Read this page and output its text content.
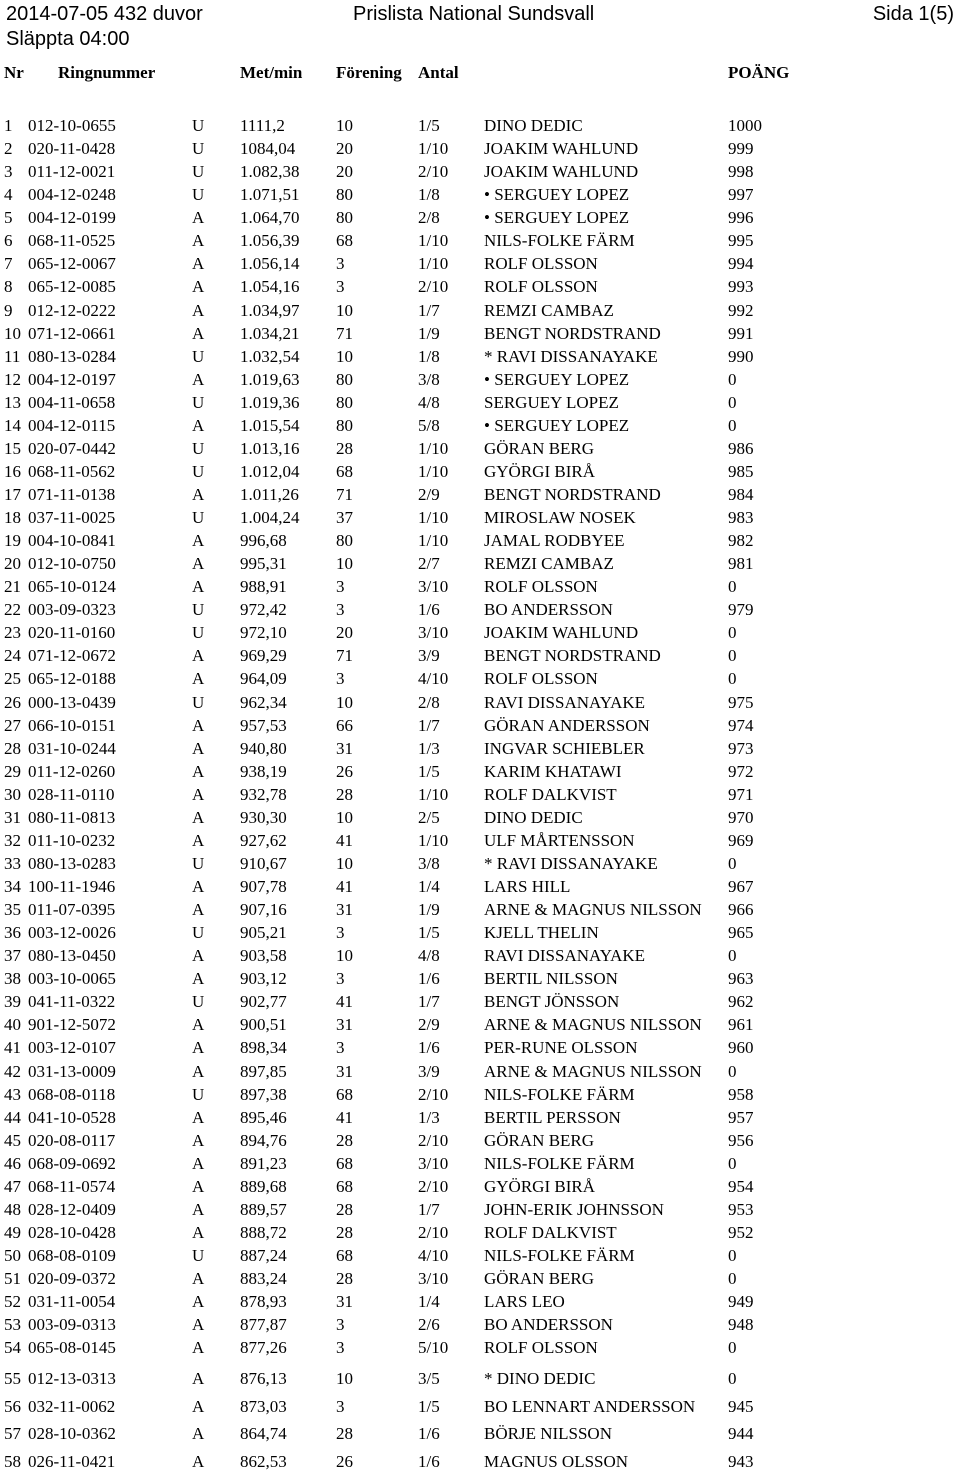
2014-07-05 432 duvor
Släppta 04:00
Prislista National Sundsvall	Sida 1(5)
Nr Ringnummer	Met/min Förening Antal	POÄNG
1 012-10-0655	U 1111,2	10	1/5	DINO DEDIC	1000
2 020-11-0428	U 1084,04 20	1/10 JOAKIM WAHLUND	999
3 011-12-0021	U 1.082,38 20	2/10 JOAKIM WAHLUND	998
4 004-12-0248	U 1.071,51 80	1/8	• SERGUEY LOPEZ	997
5 004-12-0199	A 1.064,70 80	2/8	• SERGUEY LOPEZ	996
6 068-11-0525	A 1.056,39 68	1/10 NILS-FOLKE FÄRM	995
7 065-12-0067	A 1.056,14 3	1/10 ROLF OLSSON	994
8 065-12-0085	A 1.054,16 3	2/10 ROLF OLSSON	993
9 012-12-0222	A 1.034,97 10	1/7	REMZI CAMBAZ	992
10 071-12-0661	A 1.034,21 71	1/9	BENGT NORDSTRAND	991
11 080-13-0284	U 1.032,54 10	1/8	* RAVI DISSANAYAKE	990
12 004-12-0197	A 1.019,63 80	3/8	• SERGUEY LOPEZ	0
13 004-11-0658	U 1.019,36 80	4/8	SERGUEY LOPEZ	0
14 004-12-0115	A 1.015,54 80	5/8	• SERGUEY LOPEZ	0
15 020-07-0442	U 1.013,16 28	1/10 GÖRAN BERG	986
16 068-11-0562	U 1.012,04 68	1/10 GYÖRGI BIRÅ	985
17 071-11-0138	A 1.011,26 71	2/9	BENGT NORDSTRAND	984
18 037-11-0025	U 1.004,24 37	1/10 MIROSLAW NOSEK	983
19 004-10-0841	A 996,68	80	1/10 JAMAL RODBYEE	982
20 012-10-0750	A 995,31	10	2/7	REMZI CAMBAZ	981
21 065-10-0124	A 988,91	3	3/10 ROLF OLSSON	0
22 003-09-0323	U 972,42	3	1/6	BO ANDERSSON	979
23 020-11-0160	U 972,10	20	3/10 JOAKIM WAHLUND	0
24 071-12-0672	A 969,29	71	3/9	BENGT NORDSTRAND	0
25 065-12-0188	A 964,09	3	4/10 ROLF OLSSON	0
26 000-13-0439	U 962,34	10	2/8	RAVI DISSANAYAKE	975
27 066-10-0151	A 957,53	66	1/7	GÖRAN ANDERSSON	974
28 031-10-0244	A 940,80	31	1/3	INGVAR SCHIEBLER	973
29 011-12-0260	A 938,19	26	1/5	KARIM KHATAWI	972
30 028-11-0110	A 932,78	28	1/10 ROLF DALKVIST	971
31 080-11-0813	A 930,30	10	2/5	DINO DEDIC	970
32 011-10-0232	A 927,62	41	1/10 ULF MÅRTENSSON	969
33 080-13-0283	U 910,67	10	3/8	* RAVI DISSANAYAKE	0
34 100-11-1946	A 907,78	41	1/4	LARS HILL	967
35 011-07-0395	A 907,16	31	1/9	ARNE & MAGNUS NILSSON 966
36 003-12-0026	U 905,21	3	1/5	KJELL THELIN	965
37 080-13-0450	A 903,58	10	4/8	RAVI DISSANAYAKE	0
38 003-10-0065	A 903,12	3	1/6	BERTIL NILSSON	963
39 041-11-0322	U 902,77	41	1/7	BENGT JÖNSSON	962
40 901-12-5072	A 900,51	31	2/9	ARNE & MAGNUS NILSSON 961
41 003-12-0107	A 898,34	3	1/6	PER-RUNE OLSSON	960
42 031-13-0009	A 897,85	31	3/9	ARNE & MAGNUS NILSSON 0
43 068-08-0118	U 897,38	68	2/10 NILS-FOLKE FÄRM	958
44 041-10-0528	A 895,46	41	1/3	BERTIL PERSSON	957
45 020-08-0117	A 894,76	28	2/10 GÖRAN BERG	956
46 068-09-0692	A 891,23	68	3/10 NILS-FOLKE FÄRM	0
47 068-11-0574	A 889,68	68	2/10 GYÖRGI BIRÅ	954
48 028-12-0409	A 889,57	28	1/7	JOHN-ERIK JOHNSSON	953
49 028-10-0428	A 888,72	28	2/10 ROLF DALKVIST	952
50 068-08-0109	U 887,24	68	4/10 NILS-FOLKE FÄRM	0
51 020-09-0372	A 883,24	28	3/10 GÖRAN BERG	0
52 031-11-0054	A 878,93	31	1/4	LARS LEO	949
53 003-09-0313	A 877,87	3	2/6	BO ANDERSSON	948
54 065-08-0145	A 877,26	3	5/10 ROLF OLSSON	0
55 012-13-0313	A 876,13	10	3/5	* DINO DEDIC	0
56 032-11-0062	A 873,03	3	1/5	BO LENNART ANDERSSON 945
57 028-10-0362	A 864,74	28	1/6	BÖRJE NILSSON	944
58 026-11-0421	A 862,53	26	1/6	MAGNUS OLSSON	943
